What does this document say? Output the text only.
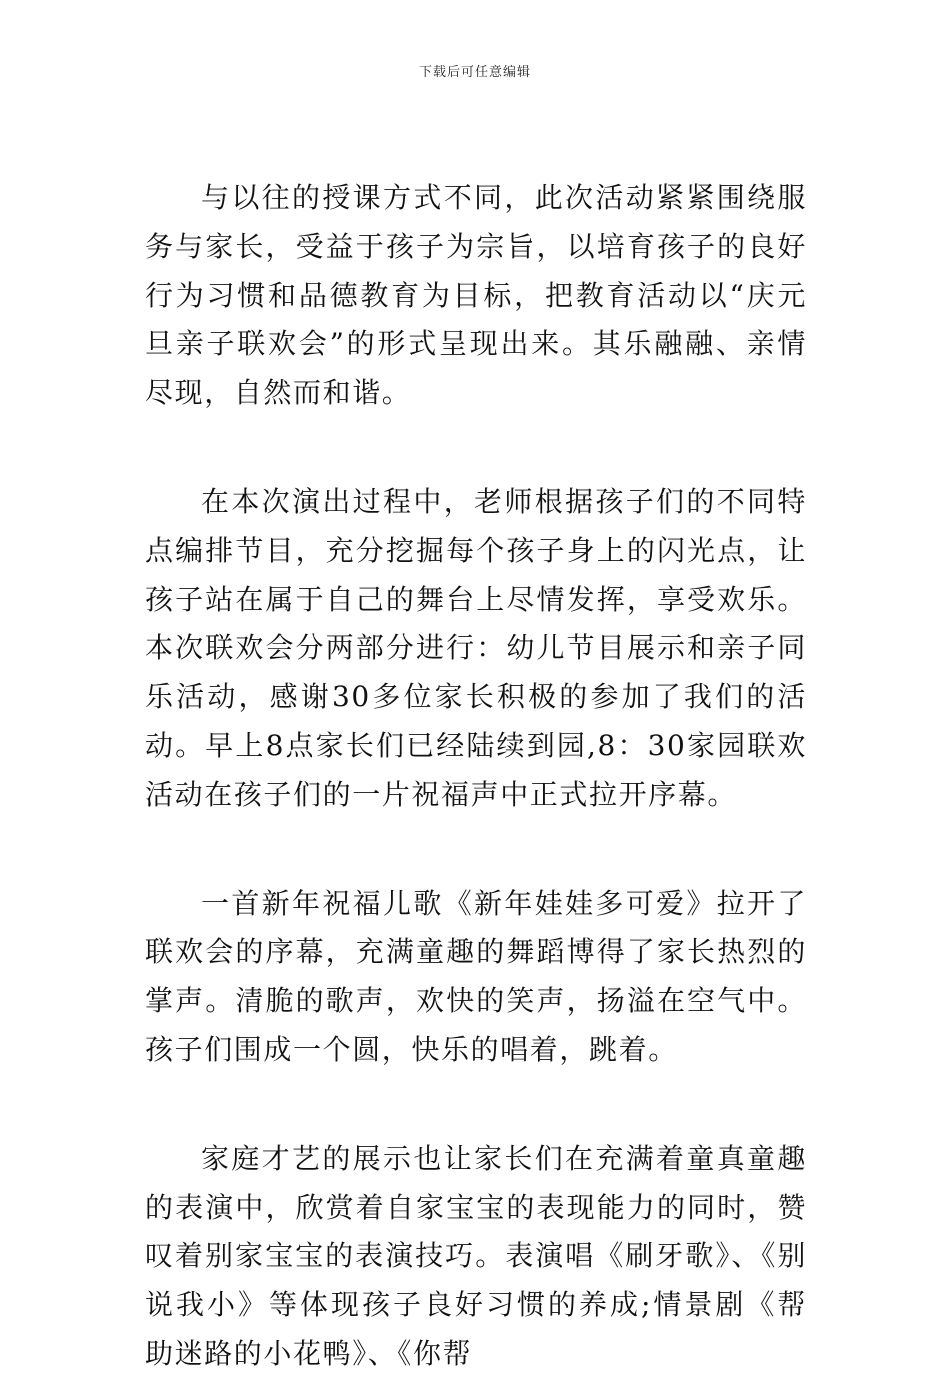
下载后可任意编辑

与以往的授课方式不同，此次活动紧紧围绕服务与家长，受益于孩子为宗旨，以培育孩子的良好行为习惯和品德教育为目标，把教育活动以“庆元旦亲子联欢会”的形式呈现出来。其乐融融、亲情尽现，自然而和谐。

在本次演出过程中，老师根据孩子们的不同特点编排节目，充分挖掘每个孩子身上的闪光点，让孩子站在属于自己的舞台上尽情发挥，享受欢乐。本次联欢会分两部分进行：幼儿节目展示和亲子同乐活动，感谢30多位家长积极的参加了我们的活动。早上8点家长们已经陆续到园,8：30家园联欢活动在孩子们的一片祝福声中正式拉开序幕。

一首新年祝福儿歌《新年娃娃多可爱》拉开了联欢会的序幕，充满童趣的舞蹈博得了家长热烈的掌声。清脆的歌声，欢快的笑声，扬溢在空气中。孩子们围成一个圆，快乐的唱着，跳着。

家庭才艺的展示也让家长们在充满着童真童趣的表演中，欣赏着自家宝宝的表现能力的同时，赞叹着别家宝宝的表演技巧。表演唱《刷牙歌》、《别说我小》等体现孩子良好习惯的养成;情景剧《帮助迷路的小花鸭》、《你帮
